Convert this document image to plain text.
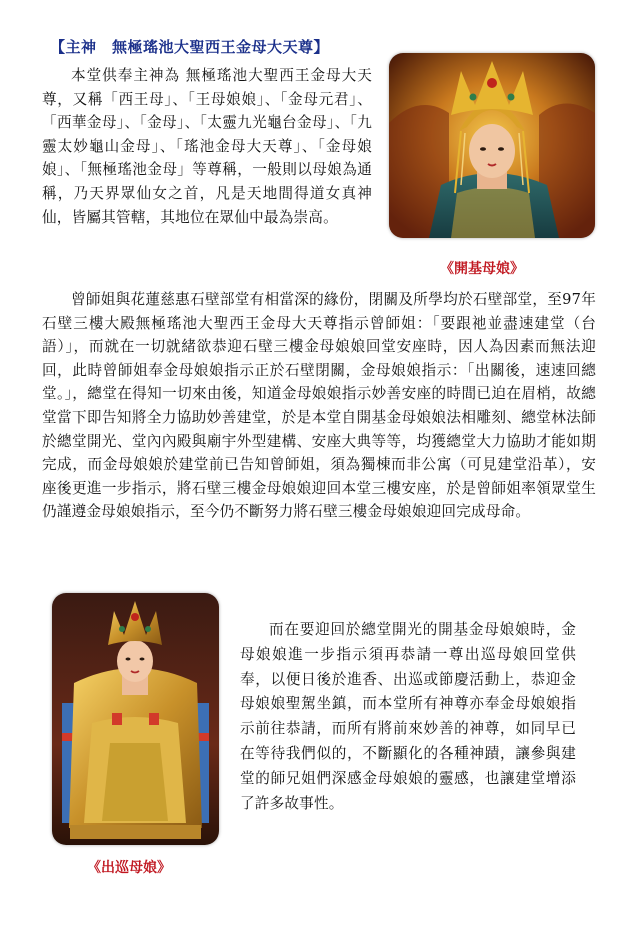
【主神　無極瑤池大聖西王金母大天尊】

本堂供奉主神為 無極瑤池大聖西王金母大天尊，又稱「西王母」、「王母娘娘」、「金母元君」、「西華金母」、「金母」、「太靈九光龜台金母」、「九靈太妙龜山金母」、「瑤池金母大天尊」、「金母娘娘」、「無極瑤池金母」等尊稱，一般則以母娘為通稱，乃天界眾仙女之首，凡是天地間得道女真神仙，皆屬其管轄，其地位在眾仙中最為崇高。

《開基母娘》

曾師姐與花蓮慈惠石壁部堂有相當深的緣份，閉關及所學均於石壁部堂，至97年石壁三樓大殿無極瑤池大聖西王金母大天尊指示曾師姐：「要跟祂並盡速建堂（台語）」，而就在一切就緒欲恭迎石壁三樓金母娘娘回堂安座時，因人為因素而無法迎回，此時曾師姐奉金母娘娘指示正於石壁閉關，金母娘娘指示：「出關後，速速回總堂。」，總堂在得知一切來由後，知道金母娘娘指示妙善安座的時間已迫在眉梢，故總堂當下即告知將全力協助妙善建堂，於是本堂自開基金母娘娘法相雕刻、總堂林法師於總堂開光、堂內內殿與廟宇外型建構、安座大典等等，均獲總堂大力協助才能如期完成，而金母娘娘於建堂前已告知曾師姐，須為獨棟而非公寓（可見建堂沿革），安座後更進一步指示，將石壁三樓金母娘娘迎回本堂三樓安座，於是曾師姐率領眾堂生仍謹遵金母娘娘指示，至今仍不斷努力將石壁三樓金母娘娘迎回完成母命。

而在要迎回於總堂開光的開基金母娘娘時，金母娘娘進一步指示須再恭請一尊出巡母娘回堂供奉，以便日後於進香、出巡或節慶活動上，恭迎金母娘娘聖駕坐鎮，而本堂所有神尊亦奉金母娘娘指示前往恭請，而所有將前來妙善的神尊，如同早已在等待我們似的，不斷顯化的各種神蹟，讓參與建堂的師兄姐們深感金母娘娘的靈感，也讓建堂增添了許多故事性。

《出巡母娘》
